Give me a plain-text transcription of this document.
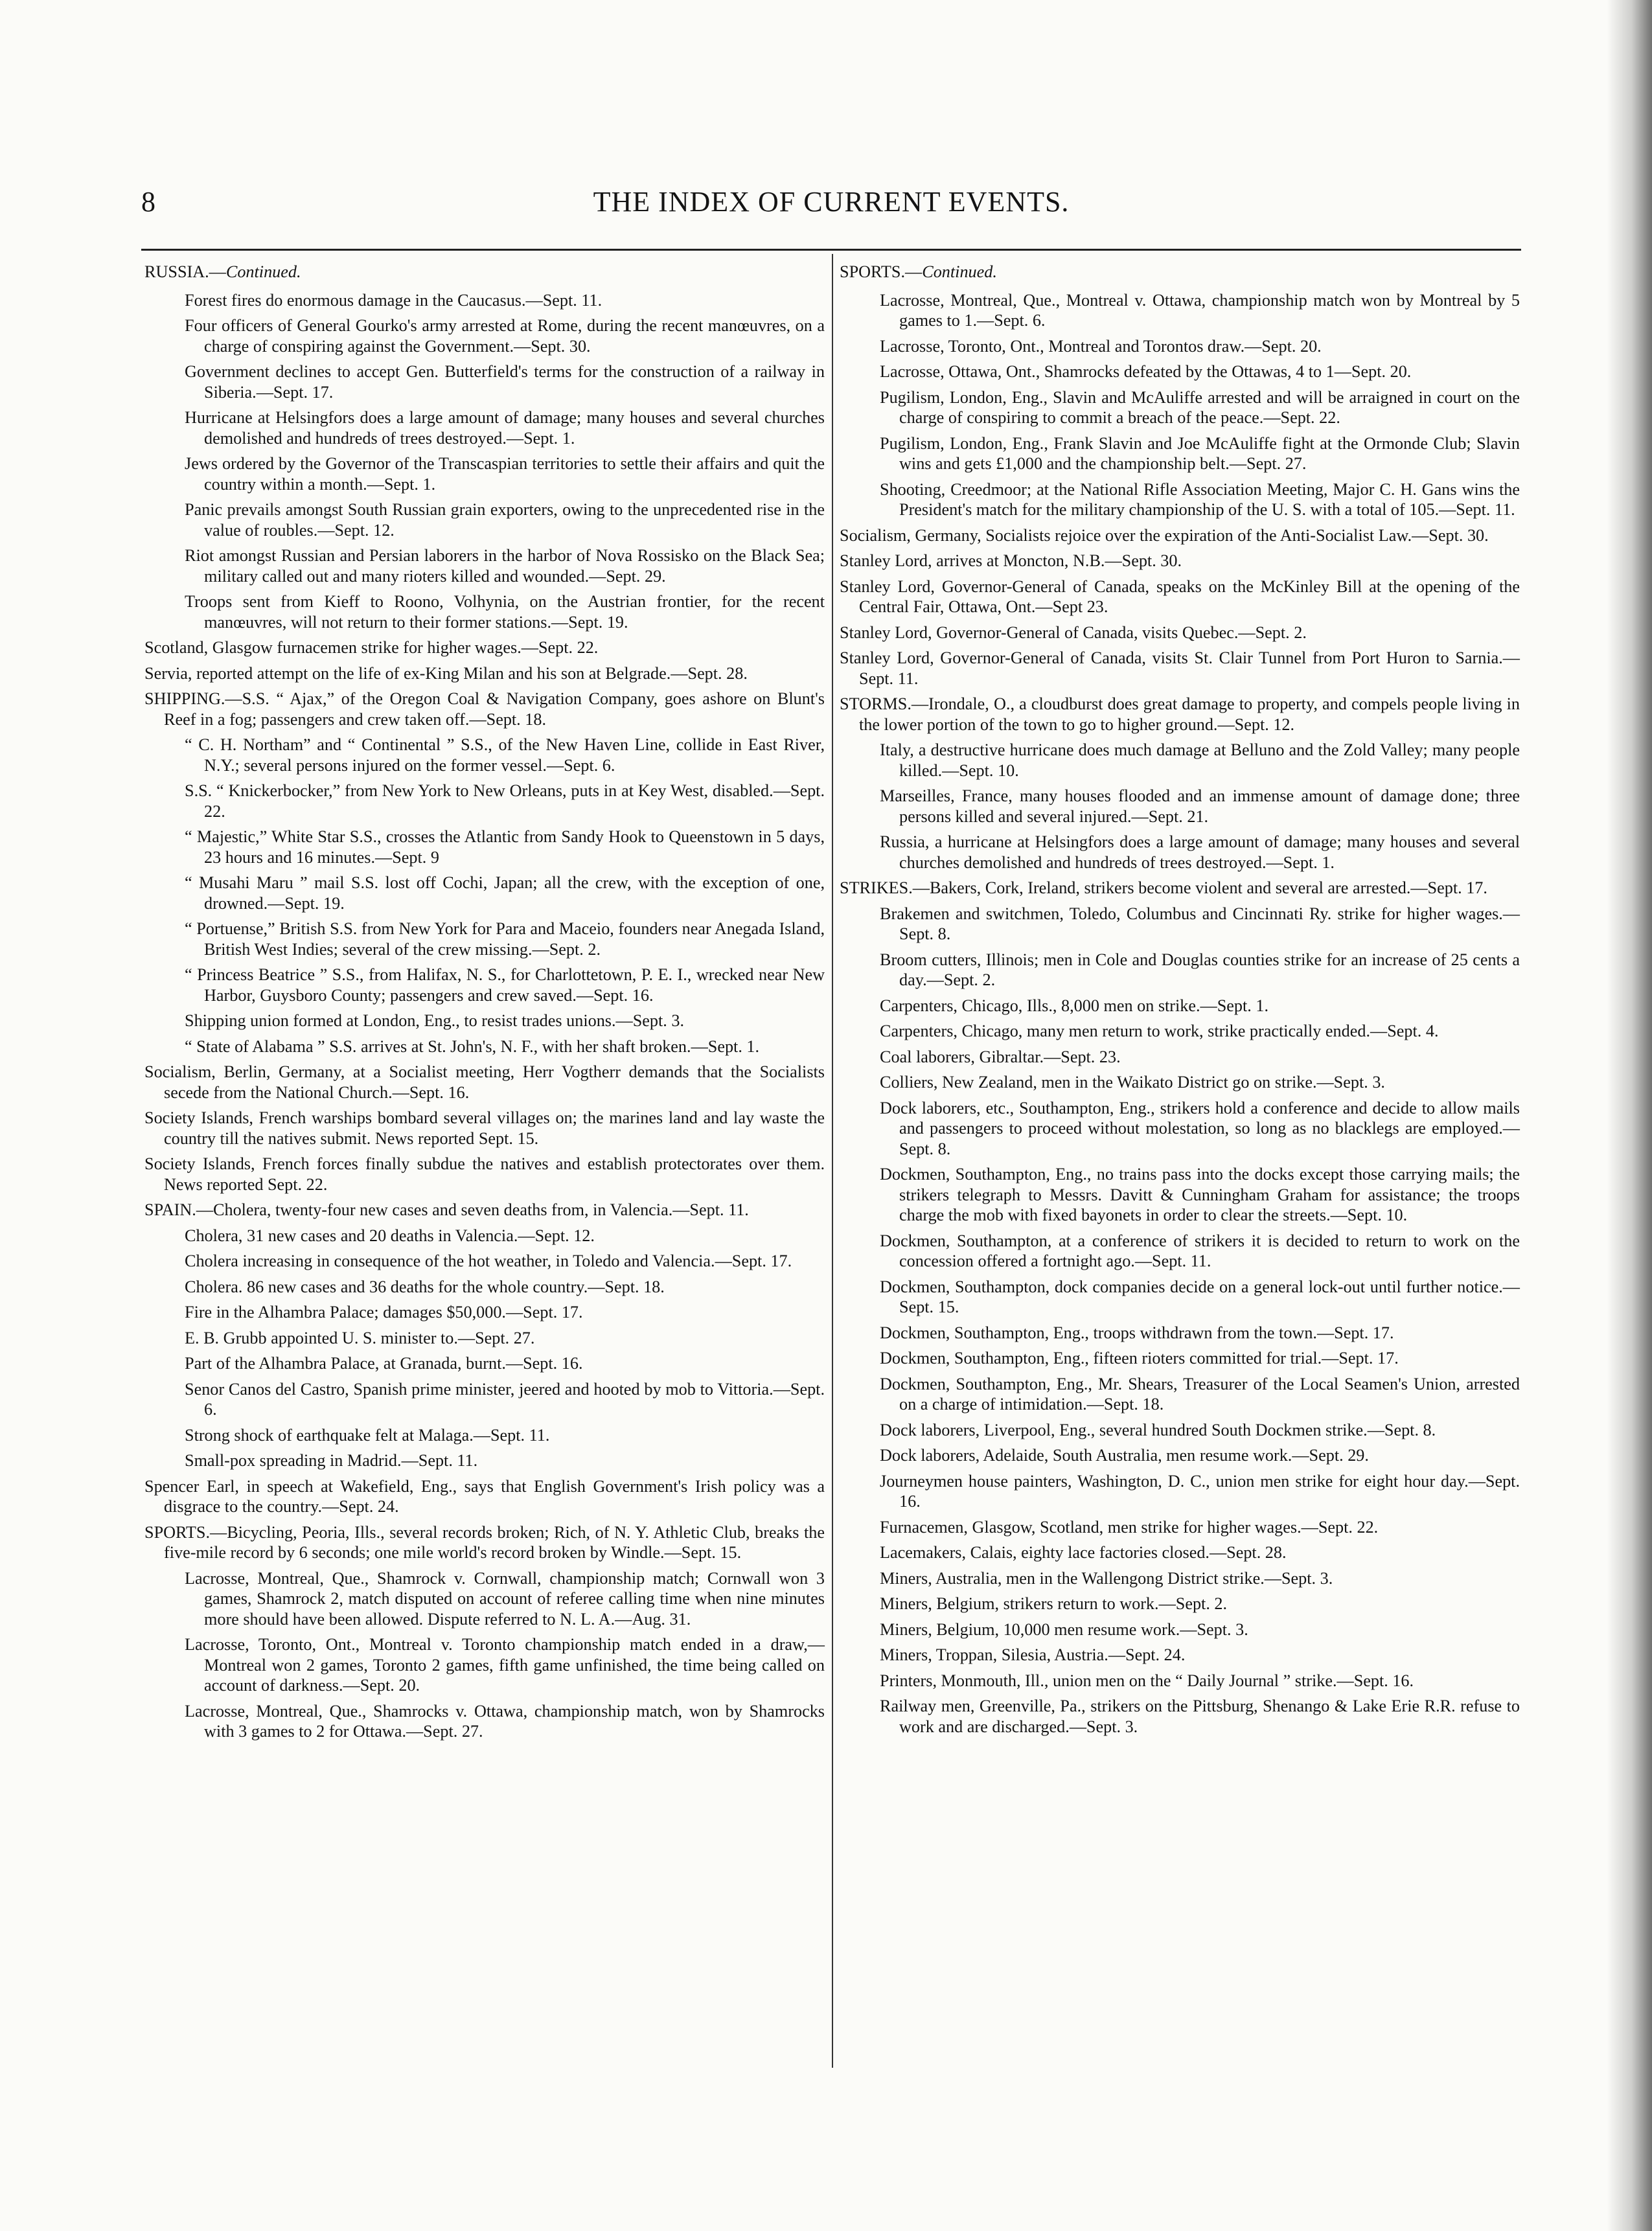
8	THE INDEX OF CURRENT EVENTS.
RUSSIA.—Continued.

Forest fires do enormous damage in the Caucasus.—Sept. 11.

Four officers of General Gourko's army arrested at Rome, during the recent manœuvres, on a charge of conspiring against the Government.—Sept. 30.

Government declines to accept Gen. Butterfield's terms for the construction of a railway in Siberia.—Sept. 17.

Hurricane at Helsingfors does a large amount of damage; many houses and several churches demolished and hundreds of trees destroyed.—Sept. 1.

Jews ordered by the Governor of the Transcaspian territories to settle their affairs and quit the country within a month.—Sept. 1.

Panic prevails amongst South Russian grain exporters, owing to the unprecedented rise in the value of roubles.—Sept. 12.

Riot amongst Russian and Persian laborers in the harbor of Nova Rossisko on the Black Sea; military called out and many rioters killed and wounded.—Sept. 29.

Troops sent from Kieff to Roono, Volhynia, on the Austrian frontier, for the recent manœuvres, will not return to their former stations.—Sept. 19.

Scotland, Glasgow furnacemen strike for higher wages.—Sept. 22.

Servia, reported attempt on the life of ex-King Milan and his son at Belgrade.—Sept. 28.

SHIPPING.—S.S. “ Ajax,” of the Oregon Coal & Navigation Company, goes ashore on Blunt's Reef in a fog; passengers and crew taken off.—Sept. 18.

“ C. H. Northam” and “ Continental ” S.S., of the New Haven Line, collide in East River, N.Y.; several persons injured on the former vessel.—Sept. 6.

S.S. “ Knickerbocker,” from New York to New Orleans, puts in at Key West, disabled.—Sept. 22.

“ Majestic,” White Star S.S., crosses the Atlantic from Sandy Hook to Queenstown in 5 days, 23 hours and 16 minutes.—Sept. 9

“ Musahi Maru ” mail S.S. lost off Cochi, Japan; all the crew, with the exception of one, drowned.—Sept. 19.

“ Portuense,” British S.S. from New York for Para and Maceio, founders near Anegada Island, British West Indies; several of the crew missing.—Sept. 2.

“ Princess Beatrice ” S.S., from Halifax, N. S., for Charlottetown, P. E. I., wrecked near New Harbor, Guysboro County; passengers and crew saved.—Sept. 16.

Shipping union formed at London, Eng., to resist trades unions.—Sept. 3.

“ State of Alabama ” S.S. arrives at St. John's, N. F., with her shaft broken.—Sept. 1.

Socialism, Berlin, Germany, at a Socialist meeting, Herr Vogtherr demands that the Socialists secede from the National Church.—Sept. 16.

Society Islands, French warships bombard several villages on; the marines land and lay waste the country till the natives submit. News reported Sept. 15.

Society Islands, French forces finally subdue the natives and establish protectorates over them. News reported Sept. 22.

SPAIN.—Cholera, twenty-four new cases and seven deaths from, in Valencia.—Sept. 11.

Cholera, 31 new cases and 20 deaths in Valencia.—Sept. 12.

Cholera increasing in consequence of the hot weather, in Toledo and Valencia.—Sept. 17.

Cholera. 86 new cases and 36 deaths for the whole country.—Sept. 18.

Fire in the Alhambra Palace; damages $50,000.—Sept. 17.

E. B. Grubb appointed U. S. minister to.—Sept. 27.

Part of the Alhambra Palace, at Granada, burnt.—Sept. 16.

Senor Canos del Castro, Spanish prime minister, jeered and hooted by mob to Vittoria.—Sept. 6.

Strong shock of earthquake felt at Malaga.—Sept. 11.

Small-pox spreading in Madrid.—Sept. 11.

Spencer Earl, in speech at Wakefield, Eng., says that English Government's Irish policy was a disgrace to the country.—Sept. 24.

SPORTS.—Bicycling, Peoria, Ills., several records broken; Rich, of N. Y. Athletic Club, breaks the five-mile record by 6 seconds; one mile world's record broken by Windle.—Sept. 15.

Lacrosse, Montreal, Que., Shamrock v. Cornwall, championship match; Cornwall won 3 games, Shamrock 2, match disputed on account of referee calling time when nine minutes more should have been allowed. Dispute referred to N. L. A.—Aug. 31.

Lacrosse, Toronto, Ont., Montreal v. Toronto championship match ended in a draw,—Montreal won 2 games, Toronto 2 games, fifth game unfinished, the time being called on account of darkness.—Sept. 20.

Lacrosse, Montreal, Que., Shamrocks v. Ottawa, championship match, won by Shamrocks with 3 games to 2 for Ottawa.—Sept. 27.

SPORTS.—Continued.

Lacrosse, Montreal, Que., Montreal v. Ottawa, championship match won by Montreal by 5 games to 1.—Sept. 6.

Lacrosse, Toronto, Ont., Montreal and Torontos draw.—Sept. 20.

Lacrosse, Ottawa, Ont., Shamrocks defeated by the Ottawas, 4 to 1—Sept. 20.

Pugilism, London, Eng., Slavin and McAuliffe arrested and will be arraigned in court on the charge of conspiring to commit a breach of the peace.—Sept. 22.

Pugilism, London, Eng., Frank Slavin and Joe McAuliffe fight at the Ormonde Club; Slavin wins and gets £1,000 and the championship belt.—Sept. 27.

Shooting, Creedmoor; at the National Rifle Association Meeting, Major C. H. Gans wins the President's match for the military championship of the U. S. with a total of 105.—Sept. 11.

Socialism, Germany, Socialists rejoice over the expiration of the Anti-Socialist Law.—Sept. 30.

Stanley Lord, arrives at Moncton, N.B.—Sept. 30.

Stanley Lord, Governor-General of Canada, speaks on the McKinley Bill at the opening of the Central Fair, Ottawa, Ont.—Sept 23.

Stanley Lord, Governor-General of Canada, visits Quebec.—Sept. 2.

Stanley Lord, Governor-General of Canada, visits St. Clair Tunnel from Port Huron to Sarnia.—Sept. 11.

STORMS.—Irondale, O., a cloudburst does great damage to property, and compels people living in the lower portion of the town to go to higher ground.—Sept. 12.

Italy, a destructive hurricane does much damage at Belluno and the Zold Valley; many people killed.—Sept. 10.

Marseilles, France, many houses flooded and an immense amount of damage done; three persons killed and several injured.—Sept. 21.

Russia, a hurricane at Helsingfors does a large amount of damage; many houses and several churches demolished and hundreds of trees destroyed.—Sept. 1.

STRIKES.—Bakers, Cork, Ireland, strikers become violent and several are arrested.—Sept. 17.

Brakemen and switchmen, Toledo, Columbus and Cincinnati Ry. strike for higher wages.—Sept. 8.

Broom cutters, Illinois; men in Cole and Douglas counties strike for an increase of 25 cents a day.—Sept. 2.

Carpenters, Chicago, Ills., 8,000 men on strike.—Sept. 1.

Carpenters, Chicago, many men return to work, strike practically ended.—Sept. 4.

Coal laborers, Gibraltar.—Sept. 23.

Colliers, New Zealand, men in the Waikato District go on strike.—Sept. 3.

Dock laborers, etc., Southampton, Eng., strikers hold a conference and decide to allow mails and passengers to proceed without molestation, so long as no blacklegs are employed.—Sept. 8.

Dockmen, Southampton, Eng., no trains pass into the docks except those carrying mails; the strikers telegraph to Messrs. Davitt & Cunningham Graham for assistance; the troops charge the mob with fixed bayonets in order to clear the streets.—Sept. 10.

Dockmen, Southampton, at a conference of strikers it is decided to return to work on the concession offered a fortnight ago.—Sept. 11.

Dockmen, Southampton, dock companies decide on a general lock-out until further notice.—Sept. 15.

Dockmen, Southampton, Eng., troops withdrawn from the town.—Sept. 17.

Dockmen, Southampton, Eng., fifteen rioters committed for trial.—Sept. 17.

Dockmen, Southampton, Eng., Mr. Shears, Treasurer of the Local Seamen's Union, arrested on a charge of intimidation.—Sept. 18.

Dock laborers, Liverpool, Eng., several hundred South Dockmen strike.—Sept. 8.

Dock laborers, Adelaide, South Australia, men resume work.—Sept. 29.

Journeymen house painters, Washington, D. C., union men strike for eight hour day.—Sept. 16.

Furnacemen, Glasgow, Scotland, men strike for higher wages.—Sept. 22.

Lacemakers, Calais, eighty lace factories closed.—Sept. 28.

Miners, Australia, men in the Wallengong District strike.—Sept. 3.

Miners, Belgium, strikers return to work.—Sept. 2.

Miners, Belgium, 10,000 men resume work.—Sept. 3.

Miners, Troppan, Silesia, Austria.—Sept. 24.

Printers, Monmouth, Ill., union men on the “ Daily Journal ” strike.—Sept. 16.

Railway men, Greenville, Pa., strikers on the Pittsburg, Shenango & Lake Erie R.R. refuse to work and are discharged.—Sept. 3.
